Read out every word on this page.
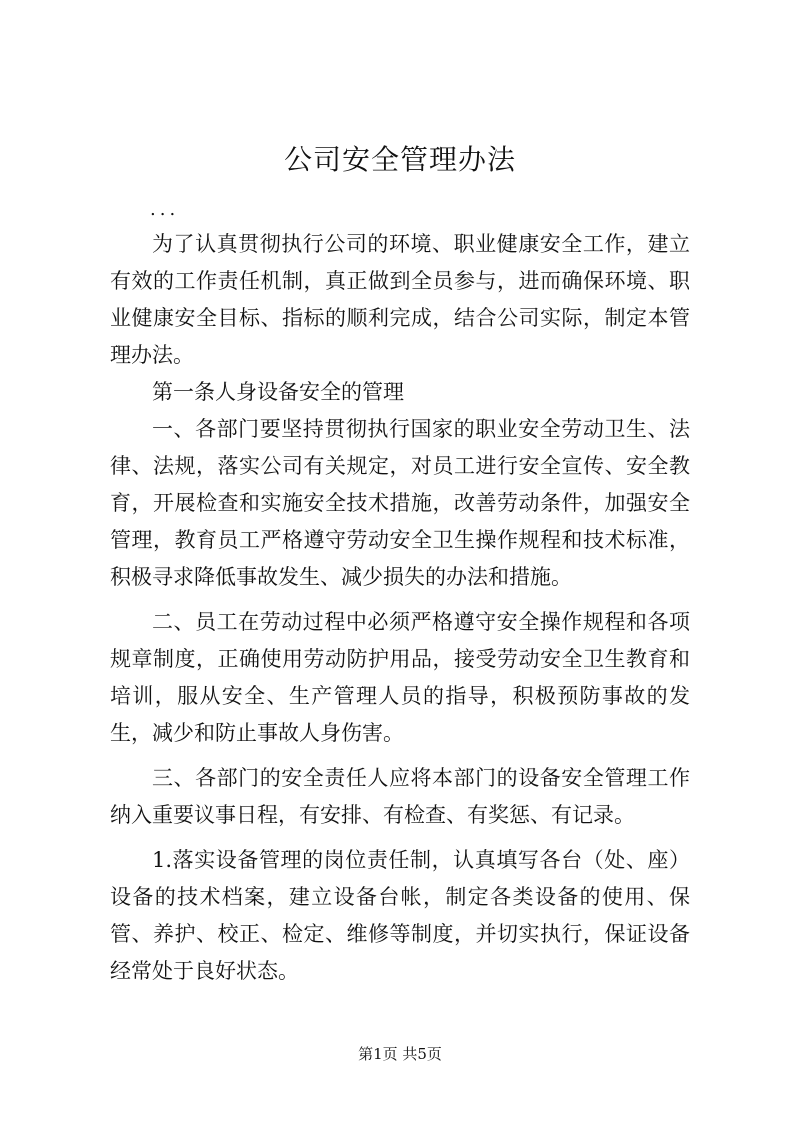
公司安全管理办法
...

为了认真贯彻执行公司的环境、职业健康安全工作，建立有效的工作责任机制，真正做到全员参与，进而确保环境、职业健康安全目标、指标的顺利完成，结合公司实际，制定本管理办法。

第一条人身设备安全的管理

一、各部门要坚持贯彻执行国家的职业安全劳动卫生、法律、法规，落实公司有关规定，对员工进行安全宣传、安全教育，开展检查和实施安全技术措施，改善劳动条件，加强安全管理，教育员工严格遵守劳动安全卫生操作规程和技术标准，积极寻求降低事故发生、减少损失的办法和措施。

二、员工在劳动过程中必须严格遵守安全操作规程和各项规章制度，正确使用劳动防护用品，接受劳动安全卫生教育和培训，服从安全、生产管理人员的指导，积极预防事故的发生，减少和防止事故人身伤害。

三、各部门的安全责任人应将本部门的设备安全管理工作纳入重要议事日程，有安排、有检查、有奖惩、有记录。

1.落实设备管理的岗位责任制，认真填写各台（处、座）设备的技术档案，建立设备台帐，制定各类设备的使用、保管、养护、校正、检定、维修等制度，并切实执行，保证设备经常处于良好状态。

第1页 共5页
